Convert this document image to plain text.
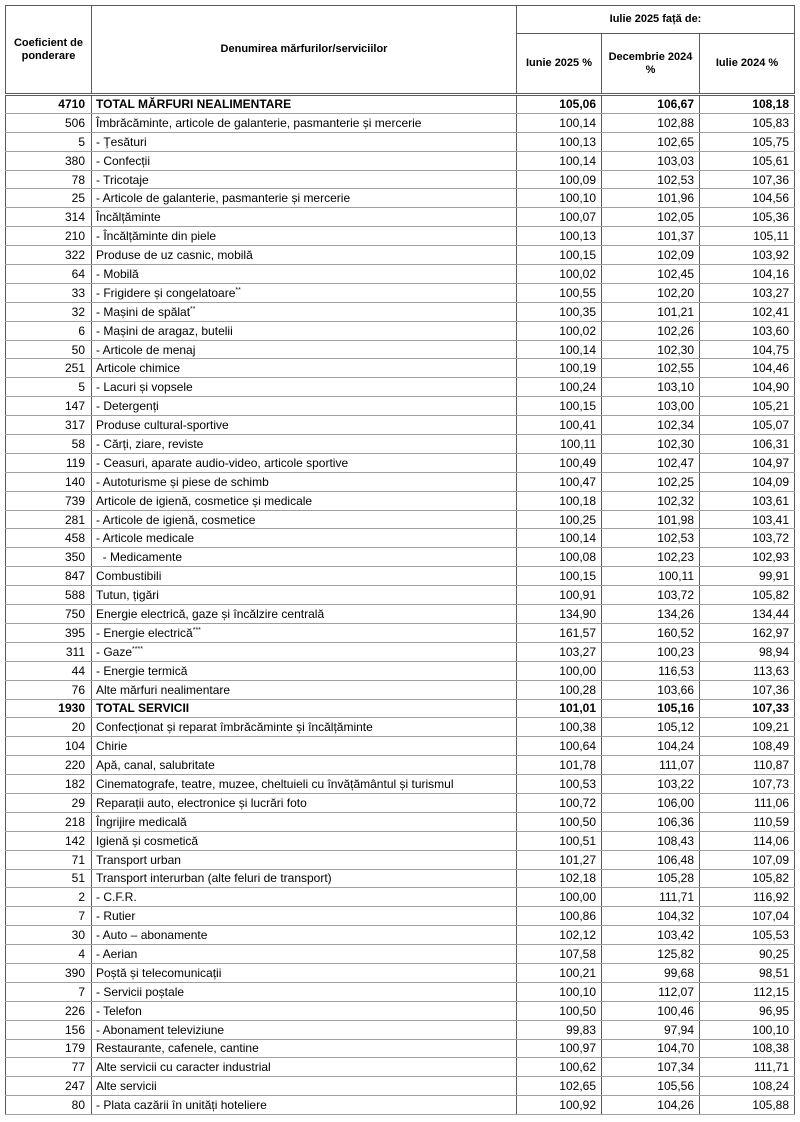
Coeficient de ponderare	Denumirea mărfurilor/serviciilor	Iulie 2025 față de:		
		Iunie 2025 %	Decembrie 2024 %	Iulie 2024 %
4710	TOTAL MĂRFURI NEALIMENTARE	105,06	106,67	108,18
506	Îmbrăcăminte, articole de galanterie, pasmanterie și mercerie	100,14	102,88	105,83
5	- Țesături	100,13	102,65	105,75
380	- Confecții	100,14	103,03	105,61
78	- Tricotaje	100,09	102,53	107,36
25	- Articole de galanterie, pasmanterie și mercerie	100,10	101,96	104,56
314	Încălțăminte	100,07	102,05	105,36
210	- Încălțăminte din piele	100,13	101,37	105,11
322	Produse de uz casnic, mobilă	100,15	102,09	103,92
64	- Mobilă	100,02	102,45	104,16
33	- Frigidere și congelatoare**	100,55	102,20	103,27
32	- Mașini de spălat**	100,35	101,21	102,41
6	- Mașini de aragaz, butelii	100,02	102,26	103,60
50	- Articole de menaj	100,14	102,30	104,75
251	Articole chimice	100,19	102,55	104,46
5	- Lacuri și vopsele	100,24	103,10	104,90
147	- Detergenți	100,15	103,00	105,21
317	Produse cultural-sportive	100,41	102,34	105,07
58	- Cărți, ziare, reviste	100,11	102,30	106,31
119	- Ceasuri, aparate audio-video, articole sportive	100,49	102,47	104,97
140	- Autoturisme și piese de schimb	100,47	102,25	104,09
739	Articole de igienă, cosmetice și medicale	100,18	102,32	103,61
281	- Articole de igienă, cosmetice	100,25	101,98	103,41
458	- Articole medicale	100,14	102,53	103,72
350	- Medicamente	100,08	102,23	102,93
847	Combustibili	100,15	100,11	99,91
588	Tutun, țigări	100,91	103,72	105,82
750	Energie electrică, gaze și încălzire centrală	134,90	134,26	134,44
395	- Energie electrică***	161,57	160,52	162,97
311	- Gaze****	103,27	100,23	98,94
44	- Energie termică	100,00	116,53	113,63
76	Alte mărfuri nealimentare	100,28	103,66	107,36
1930	TOTAL SERVICII	101,01	105,16	107,33
20	Confecționat și reparat îmbrăcăminte și încălțăminte	100,38	105,12	109,21
104	Chirie	100,64	104,24	108,49
220	Apă, canal, salubritate	101,78	111,07	110,87
182	Cinematografe, teatre, muzee, cheltuieli cu învățământul și turismul	100,53	103,22	107,73
29	Reparații auto, electronice și lucrări foto	100,72	106,00	111,06
218	Îngrijire medicală	100,50	106,36	110,59
142	Igienă și cosmetică	100,51	108,43	114,06
71	Transport urban	101,27	106,48	107,09
51	Transport interurban (alte feluri de transport)	102,18	105,28	105,82
2	- C.F.R.	100,00	111,71	116,92
7	- Rutier	100,86	104,32	107,04
30	- Auto – abonamente	102,12	103,42	105,53
4	- Aerian	107,58	125,82	90,25
390	Poștă și telecomunicații	100,21	99,68	98,51
7	- Servicii poștale	100,10	112,07	112,15
226	- Telefon	100,50	100,46	96,95
156	- Abonament televiziune	99,83	97,94	100,10
179	Restaurante, cafenele, cantine	100,97	104,70	108,38
77	Alte servicii cu caracter industrial	100,62	107,34	111,71
247	Alte servicii	102,65	105,56	108,24
80	- Plata cazării în unități hoteliere	100,92	104,26	105,88
